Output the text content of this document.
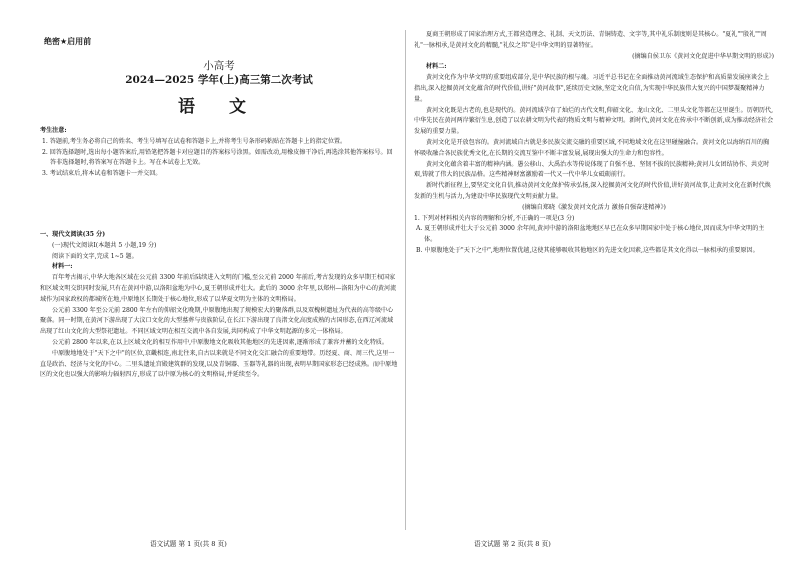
绝密★启用前
小高考
2024—2025 学年(上)高三第二次考试
语 文

考生注意:

1. 答题前,考生务必将自己的姓名、考生号填写在试卷和答题卡上,并将考生号条形码粘贴在答题卡上的指定位置。

2. 回答选择题时,选出每小题答案后,用铅笔把答题卡对应题目的答案标号涂黑。如需改动,用橡皮擦干净后,再选涂其他答案标号。回答非选择题时,将答案写在答题卡上。写在本试卷上无效。

3. 考试结束后,将本试卷和答题卡一并交回。

一、现代文阅读(35 分)

(一)现代文阅读Ⅰ(本题共 5 小题,19 分)

阅读下面的文字,完成 1~5 题。

材料一:

百年考古揭示,中华大地各区域在公元前 3300 年前后陆续进入文明的门槛,至公元前 2000 年前后,考古发现的众多早期王权国家和区域文明交织同时发展,只有在黄河中游,以洛阳盆地为中心,夏王朝形成并壮大。此后的 3000 余年里,以郑州—洛阳为中心的黄河流域作为国家政权的都城所在地,中原地区长期处于核心地位,形成了以华夏文明为主体的文明格局。

公元前 3300 年至公元前 2800 年左右的仰韶文化晚期,中原腹地出现了规模宏大的聚落群,以及双槐树遗址为代表的高等级中心聚落。同一时期,在黄河下游出现了大汶口文化的大型墓葬与贵族阶层,在长江下游出现了良渚文化高度成熟的古国形态,在西辽河流域出现了红山文化的大型祭祀遗址。不同区域文明在相互交流中各自发展,共同构成了中华文明起源的多元一体格局。

公元前 2800 年以来,在以上区域文化的相互作用中,中原腹地文化吸收其他地区的先进因素,逐渐形成了兼容并蓄的文化特质。

中原腹地地处于"天下之中"的区位,京畿相连,南北往来,自古以来就是不同文化交汇融合的重要地带。历经夏、商、周三代,这里一直是政治、经济与文化的中心。二里头遗址宫殿建筑群的发现,以及青铜器、玉器等礼器的出现,表明早期国家形态已经成熟。而中原地区的文化也以强大的影响力辐射四方,形成了以中原为核心的文明格局,并延续至今。

语文试题 第 1 页(共 8 页)

夏商王朝形成了国家治理方式,王都营造理念、礼制、天文历法、青铜铸造、文字等,其中礼乐制度则是其核心。"夏礼""殷礼""周礼"一脉相承,是黄河文化的精髓,"礼仪之邦"是中华文明的显著特征。

(摘编自侯卫东《黄河文化促进中华早期文明的形成》)

材料二:

黄河文化作为中华文明的重要组成部分,是中华民族的根与魂。习近平总书记在全面推动黄河流域生态保护和高质量发展座谈会上指出,深入挖掘黄河文化蕴含的时代价值,讲好"黄河故事",延续历史文脉,坚定文化自信,为实现中华民族伟大复兴的中国梦凝聚精神力量。

黄河文化既是古老的,也是现代的。黄河流域孕育了灿烂的古代文明,仰韶文化、龙山文化、二里头文化等都在这里诞生。历朝历代,中华先民在黄河两岸繁衍生息,创造了以农耕文明为代表的物质文明与精神文明。新时代,黄河文化在传承中不断创新,成为推动经济社会发展的重要力量。

黄河文化是开放包容的。黄河流域自古就是多民族交流交融的重要区域,不同地域文化在这里碰撞融合。黄河文化以海纳百川的胸怀吸收融合各民族优秀文化,在长期的交流互鉴中不断丰富发展,展现出强大的生命力和包容性。

黄河文化蕴含着丰富的精神内涵。愚公移山、大禹治水等传说体现了自强不息、坚韧不拔的民族精神;黄河儿女团结协作、共克时艰,铸就了伟大的民族品格。这些精神财富激励着一代又一代中华儿女砥砺前行。

新时代新征程上,要坚定文化自信,推动黄河文化保护传承弘扬,深入挖掘黄河文化的时代价值,讲好黄河故事,让黄河文化在新时代焕发新的生机与活力,为建设中华民族现代文明贡献力量。

(摘编自郑晓《激发黄河文化活力 激扬自强奋进精神》)

1. 下列对材料相关内容的理解和分析,不正确的一项是(3 分)

A. 夏王朝形成并壮大于公元前 3000 余年间,黄河中游的洛阳盆地地区早已在众多早期国家中处于核心地位,因而成为中华文明的主体。

B. 中原腹地处于"天下之中",地理位置优越,这使其能够吸收其他地区的先进文化因素,这些都是其文化得以一脉相承的重要原因。

语文试题 第 2 页(共 8 页)
